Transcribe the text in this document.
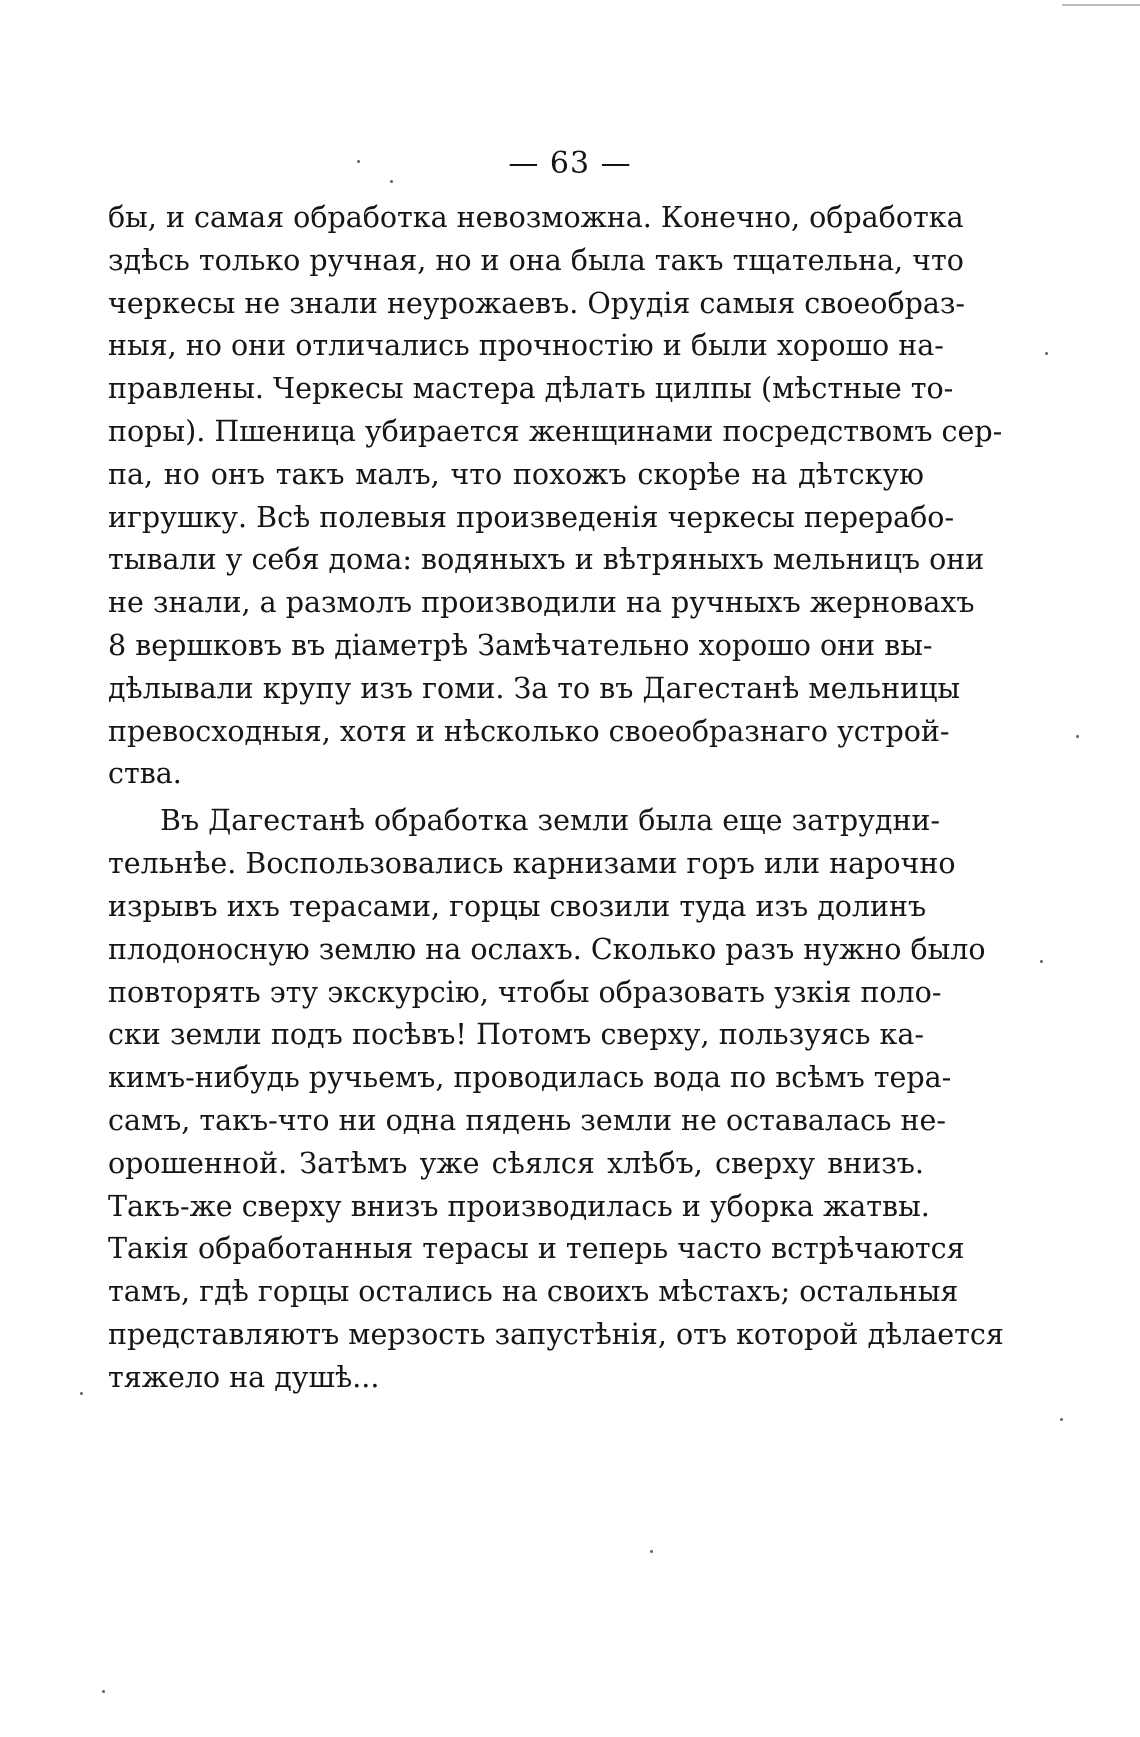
— 63 —
бы, и самая обработка невозможна. Конечно, обработка
здѣсь только ручная, но и она была такъ тщательна, что
черкесы не знали неурожаевъ. Орудія самыя своеобраз-
ныя, но они отличались прочностію и были хорошо на-
правлены. Черкесы мастера дѣлать цилпы (мѣстные то-
поры). Пшеница убирается женщинами посредствомъ сер-
па, но онъ такъ малъ, что похожъ скорѣе на дѣтскую
игрушку. Всѣ полевыя произведенія черкесы перерабо-
тывали у себя дома: водяныхъ и вѣтряныхъ мельницъ они
не знали, а размолъ производили на ручныхъ жерновахъ
8 вершковъ въ діаметрѣ Замѣчательно хорошо они вы-
дѣлывали крупу изъ гоми. За то въ Дагестанѣ мельницы
превосходныя, хотя и нѣсколько своеобразнаго устрой-
ства.
Въ Дагестанѣ обработка земли была еще затрудни-
тельнѣе. Воспользовались карнизами горъ или нарочно
изрывъ ихъ терасами, горцы свозили туда изъ долинъ
плодоносную землю на ослахъ. Сколько разъ нужно было
повторять эту экскурсію, чтобы образовать узкія поло-
ски земли подъ посѣвъ! Потомъ сверху, пользуясь ка-
кимъ-нибудь ручьемъ, проводилась вода по всѣмъ тера-
самъ, такъ-что ни одна пядень земли не оставалась не-
орошенной. Затѣмъ уже сѣялся хлѣбъ, сверху внизъ.
Такъ-же сверху внизъ производилась и уборка жатвы.
Такія обработанныя терасы и теперь часто встрѣчаются
тамъ, гдѣ горцы остались на своихъ мѣстахъ; остальныя
представляютъ мерзость запустѣнія, отъ которой дѣлается
тяжело на душѣ...
